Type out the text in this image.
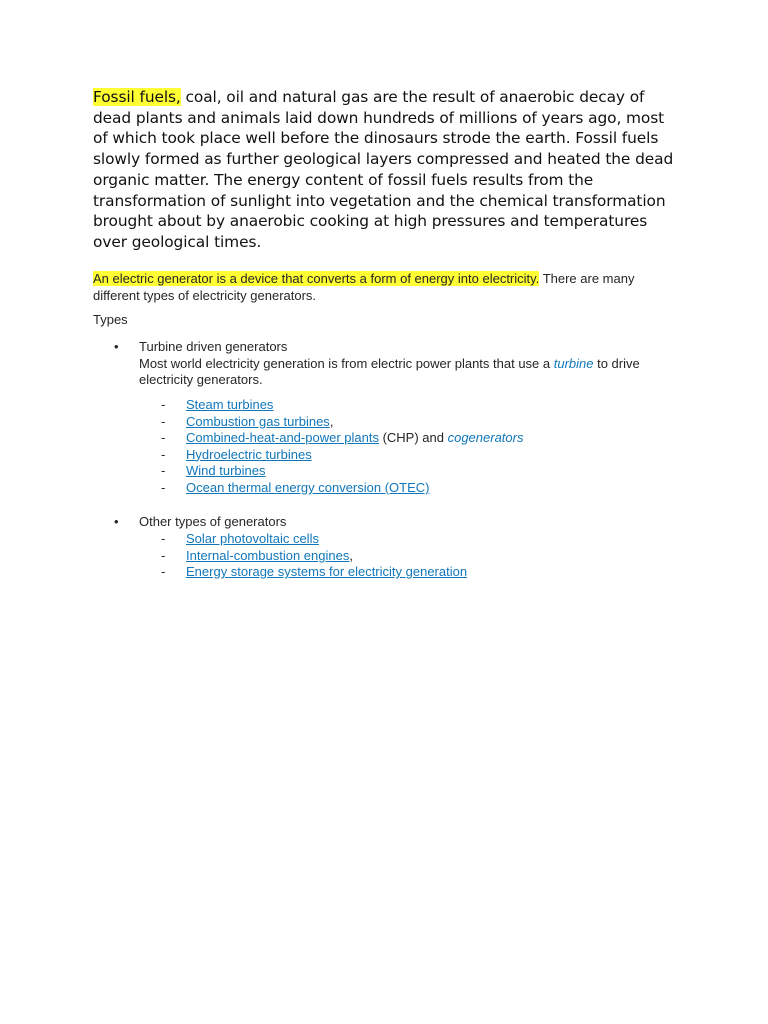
Fossil fuels, coal, oil and natural gas are the result of anaerobic decay of dead plants and animals laid down hundreds of millions of years ago, most of which took place well before the dinosaurs strode the earth. Fossil fuels slowly formed as further geological layers compressed and heated the dead organic matter. The energy content of fossil fuels results from the transformation of sunlight into vegetation and the chemical transformation brought about by anaerobic cooking at high pressures and temperatures over geological times.

An electric generator is a device that converts a form of energy into electricity. There are many different types of electricity generators.

Types
•	Turbine driven generators
Most world electricity generation is from electric power plants that use a turbine to drive electricity generators.
- Steam turbines
- Combustion gas turbines,
- Combined-heat-and-power plants (CHP) and cogenerators
- Hydroelectric turbines
- Wind turbines
- Ocean thermal energy conversion (OTEC)
•	Other types of generators
- Solar photovoltaic cells
- Internal-combustion engines,
- Energy storage systems for electricity generation
